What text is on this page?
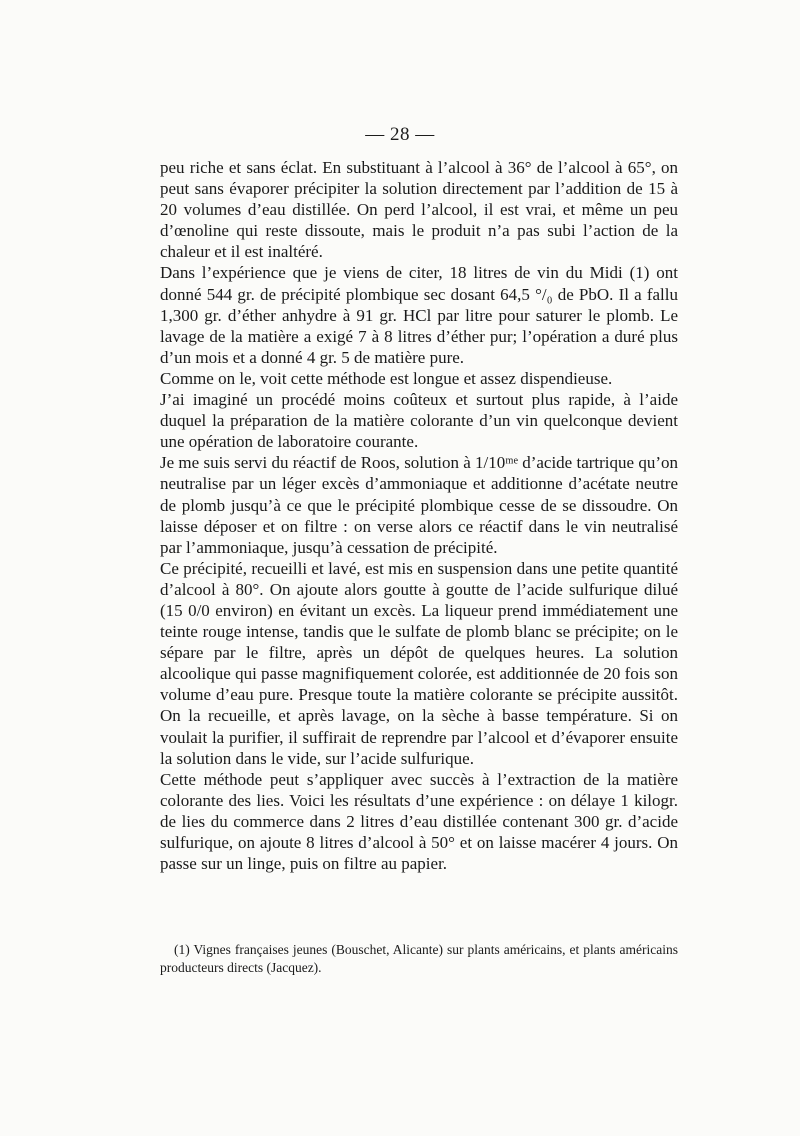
— 28 —

peu riche et sans éclat. En substituant à l’alcool à 36° de l’alcool à 65°, on peut sans évaporer précipiter la solution directement par l’addition de 15 à 20 volumes d’eau distillée. On perd l’alcool, il est vrai, et même un peu d’œnoline qui reste dissoute, mais le produit n’a pas subi l’action de la chaleur et il est inaltéré.

Dans l’expérience que je viens de citer, 18 litres de vin du Midi (1) ont donné 544 gr. de précipité plombique sec dosant 64,5 °/₀ de PbO. Il a fallu 1,300 gr. d’éther anhydre à 91 gr. HCl par litre pour saturer le plomb. Le lavage de la matière a exigé 7 à 8 litres d’éther pur; l’opération a duré plus d’un mois et a donné 4 gr. 5 de matière pure.

Comme on le, voit cette méthode est longue et assez dispendieuse.

J’ai imaginé un procédé moins coûteux et surtout plus rapide, à l’aide duquel la préparation de la matière colorante d’un vin quelconque devient une opération de laboratoire courante.

Je me suis servi du réactif de Roos, solution à 1/10ᵐᵉ d’acide tartrique qu’on neutralise par un léger excès d’ammoniaque et additionne d’acétate neutre de plomb jusqu’à ce que le précipité plombique cesse de se dissoudre. On laisse déposer et on filtre : on verse alors ce réactif dans le vin neutralisé par l’ammoniaque, jusqu’à cessation de précipité.

Ce précipité, recueilli et lavé, est mis en suspension dans une petite quantité d’alcool à 80°. On ajoute alors goutte à goutte de l’acide sulfurique dilué (15 0/0 environ) en évitant un excès. La liqueur prend immédiatement une teinte rouge intense, tandis que le sulfate de plomb blanc se précipite; on le sépare par le filtre, après un dépôt de quelques heures. La solution alcoolique qui passe magnifiquement colorée, est additionnée de 20 fois son volume d’eau pure. Presque toute la matière colorante se précipite aussitôt. On la recueille, et après lavage, on la sèche à basse température. Si on voulait la purifier, il suffirait de reprendre par l’alcool et d’évaporer ensuite la solution dans le vide, sur l’acide sulfurique.

Cette méthode peut s’appliquer avec succès à l’extraction de la matière colorante des lies. Voici les résultats d’une expérience : on délaye 1 kilogr. de lies du commerce dans 2 litres d’eau distillée contenant 300 gr. d’acide sulfurique, on ajoute 8 litres d’alcool à 50° et on laisse macérer 4 jours. On passe sur un linge, puis on filtre au papier.

(1) Vignes françaises jeunes (Bouschet, Alicante) sur plants américains, et plants américains producteurs directs (Jacquez).
